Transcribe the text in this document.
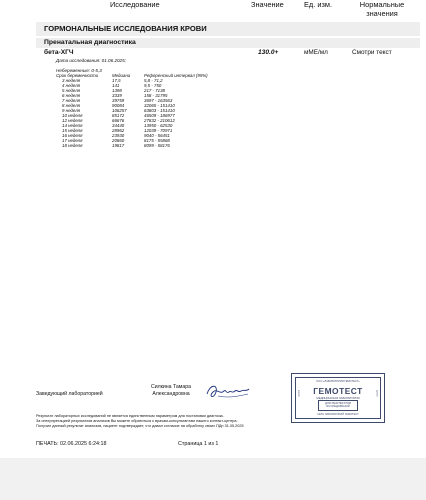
Исследование	Значение	Ед. изм.	Нормальные значения
ГОРМОНАЛЬНЫЕ ИССЛЕДОВАНИЯ КРОВИ
Пренатальная диагностика
бета-ХГЧ	130.0+	мМЕ/мл	Смотри текст
Дата исследования: 01.06.2025;
Небеременные: 0-5,3
Срок беременности	Медиана	Референсный интервал (95%)
3 неделя	17,5	5,8 - 71,2
4 неделя	141	9,5 - 750
5 неделя	1398	217 - 7138
6 неделя	3339	158 - 31795
7 неделя	39759	3697 - 163563
8 неделя	90084	32065 - 151410
9 неделя	106257	63803 - 151410
10 неделя	85172	46509 - 186977
12 неделя	66676	27832 - 210612
14 неделя	34440	13950 - 62530
15 неделя	28962	12039 - 70971
16 неделя	23930	9040 - 56451
17 неделя	20860	8175 - 55868
18 неделя	19817	8099 - 58176
Заведующий лабораторией
Силкина Тамара
Александровна
ООО «ЛАБОРАТОРИЯ ГЕМОТЕСТ»
ГЕМОТЕСТ
МЕДИЦИНСКАЯ ЛАБОРАТОРИЯ
ДЛЯ РЕЗУЛЬТАТОВ
ИССЛЕДОВАНИЙ
СЕТЬ ЛАБОРАТОРИЙ ГЕМОТЕСТ
ОГРН	ОГРН
Результат лабораторных исследований не является единственным параметром для постановки диагноза.
За интерпретацией результатов анализов Вы можете обратиться к врачам-консультантам нашего контакт-центра.
Получил данный результат анализов, пациент подтверждает, что давал согласие на обработку своих ПДн 31.05.2025
ПЕЧАТЬ: 02.06.2025 6:24:18	Страница 1 из 1
